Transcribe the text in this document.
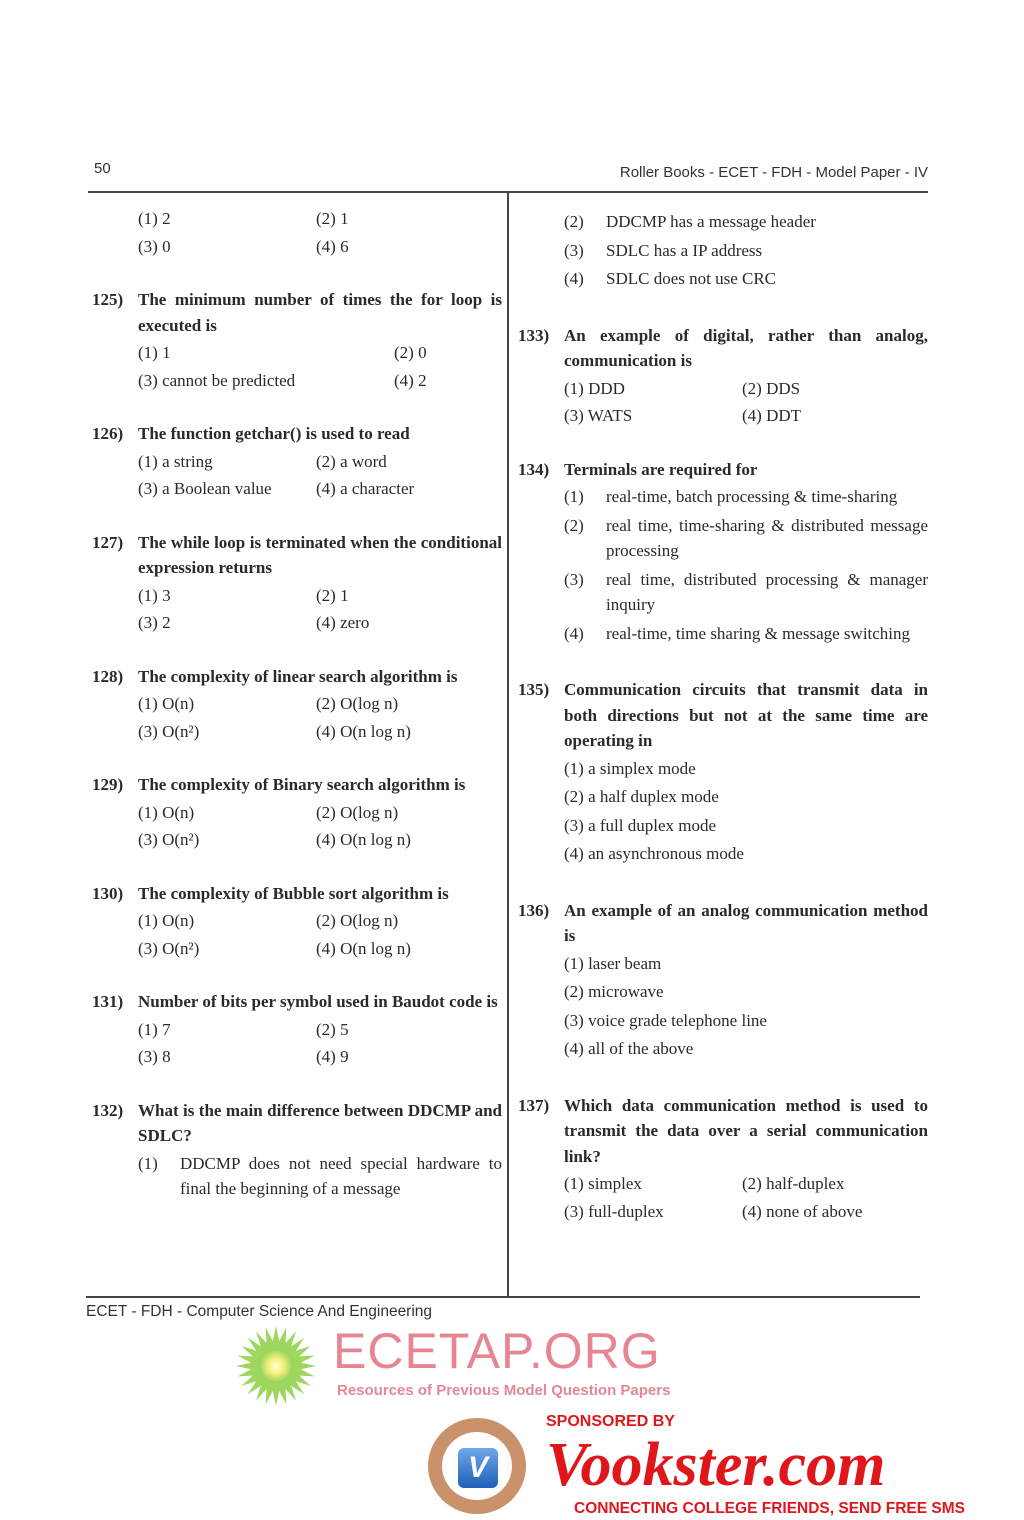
50	Roller Books - ECET - FDH - Model Paper - IV
ECET - FDH - Computer Science And Engineering
(1) 2	(2) 1
(3) 0	(4) 6
125) The minimum number of times the for loop is executed is
(1) 1	(2) 0
(3) cannot be predicted	(4) 2
126) The function getchar() is used to read
(1) a string	(2) a word
(3) a Boolean value	(4) a character
127) The while loop is terminated when the conditional expression returns
(1) 3	(2) 1
(3) 2	(4) zero
128) The complexity of linear search algorithm is
(1) O(n)	(2) O(log n)
(3) O(n²)	(4) O(n log n)
129) The complexity of Binary search algorithm is
(1) O(n)	(2) O(log n)
(3) O(n²)	(4) O(n log n)
130) The complexity of Bubble sort algorithm is
(1) O(n)	(2) O(log n)
(3) O(n²)	(4) O(n log n)
131) Number of bits per symbol used in Baudot code is
(1) 7	(2) 5
(3) 8	(4) 9
132) What is the main difference between DDCMP and SDLC?
(1)	DDCMP does not need special hardware to final the beginning of a message
(2)	DDCMP has a message header
(3)	SDLC has a IP address
(4)	SDLC does not use CRC
133) An example of digital, rather than analog, communication is
(1) DDD	(2) DDS
(3) WATS	(4) DDT
134) Terminals are required for
(1)	real-time, batch processing & time-sharing
(2)	real time, time-sharing & distributed message processing
(3)	real time, distributed processing & manager inquiry
(4)	real-time, time sharing & message switching
135) Communication circuits that transmit data in both directions but not at the same time are operating in
(1) a simplex mode
(2) a half duplex mode
(3) a full duplex mode
(4) an asynchronous mode
136) An example of an analog communication method is
(1) laser beam
(2) microwave
(3) voice grade telephone line
(4) all of the above
137) Which data communication method is used to transmit the data over a serial communication link?
(1) simplex	(2) half-duplex
(3) full-duplex	(4) none of above
ECETAP.ORG
Resources of Previous Model Question Papers
V
SPONSORED BY
Vookster.com
CONNECTING COLLEGE FRIENDS, SEND FREE SMS
